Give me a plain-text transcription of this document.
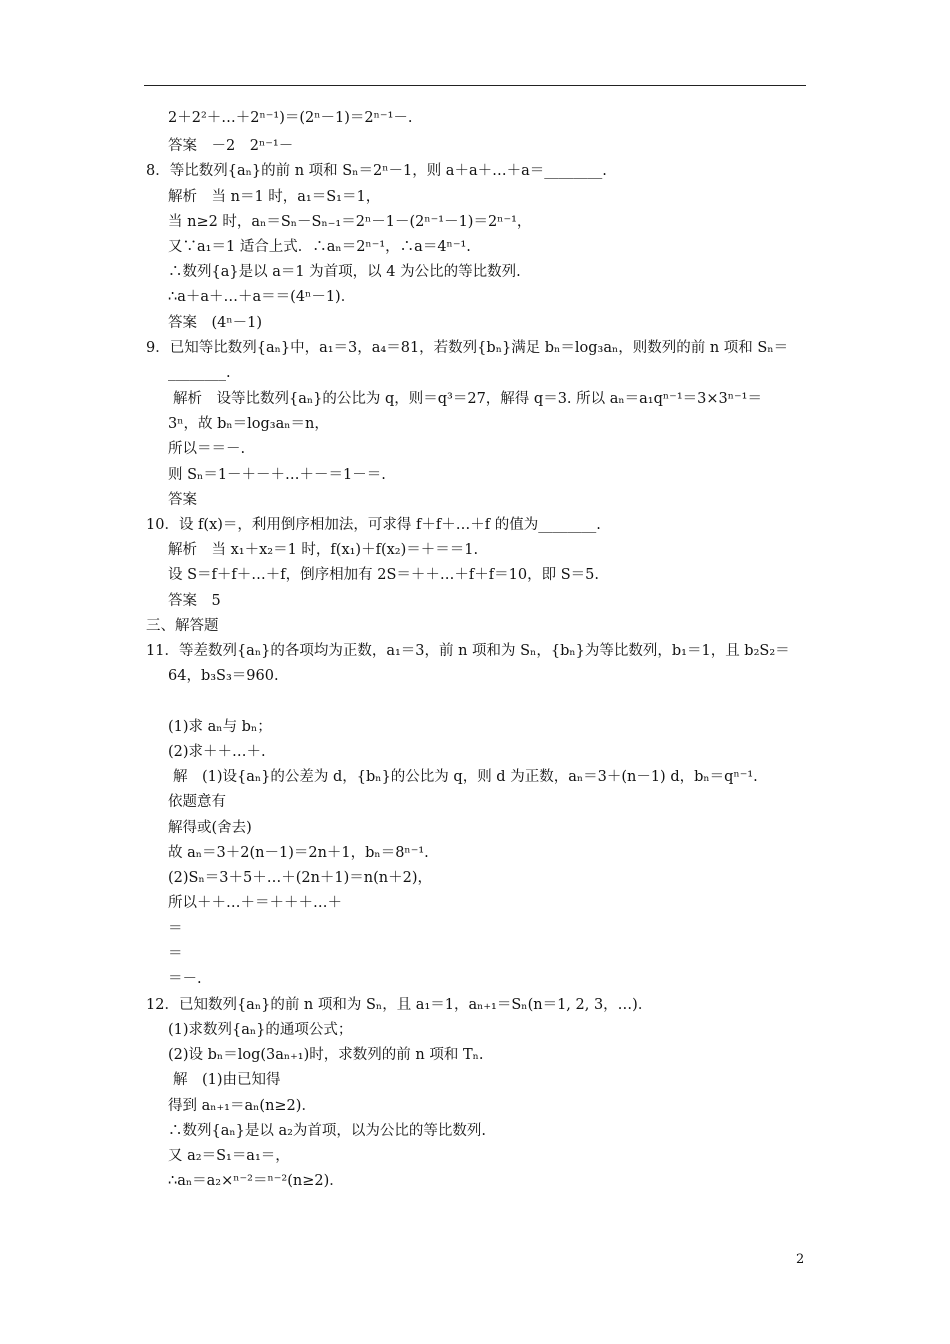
2＋2²＋…＋2ⁿ⁻¹)＝(2ⁿ－1)＝2ⁿ⁻¹－.
答案　－2　2ⁿ⁻¹－
8．等比数列{aₙ}的前 n 项和 Sₙ＝2ⁿ－1，则 a＋a＋…＋a＝________.
解析　当 n＝1 时，a₁＝S₁＝1，
当 n≥2 时，aₙ＝Sₙ－Sₙ₋₁＝2ⁿ－1－(2ⁿ⁻¹－1)＝2ⁿ⁻¹，
又∵a₁＝1 适合上式．∴aₙ＝2ⁿ⁻¹，∴a＝4ⁿ⁻¹.
∴数列{a}是以 a＝1 为首项，以 4 为公比的等比数列.
∴a＋a＋…＋a＝＝(4ⁿ－1)．
答案　(4ⁿ－1)
9．已知等比数列{aₙ}中，a₁＝3，a₄＝81，若数列{bₙ}满足 bₙ＝log₃aₙ，则数列的前 n 项和 Sₙ＝
________.
解析　设等比数列{aₙ}的公比为 q，则＝q³＝27，解得 q＝3. 所以 aₙ＝a₁qⁿ⁻¹＝3×3ⁿ⁻¹＝
3ⁿ，故 bₙ＝log₃aₙ＝n，
所以＝＝－.
则 Sₙ＝1－＋－＋…＋－＝1－＝.
答案
10．设 f(x)＝，利用倒序相加法，可求得 f＋f＋…＋f 的值为________.
解析　当 x₁＋x₂＝1 时，f(x₁)＋f(x₂)＝＋＝＝1.
设 S＝f＋f＋…＋f，倒序相加有 2S＝＋＋…＋f＋f＝10，即 S＝5.
答案　5
三、解答题
11．等差数列{aₙ}的各项均为正数，a₁＝3，前 n 项和为 Sₙ，{bₙ}为等比数列，b₁＝1，且 b₂S₂＝
64，b₃S₃＝960.
(1)求 aₙ与 bₙ；
(2)求＋＋…＋.
解　(1)设{aₙ}的公差为 d，{bₙ}的公比为 q，则 d 为正数，aₙ＝3＋(n－1) d，bₙ＝qⁿ⁻¹.
依题意有
解得或(舍去)
故 aₙ＝3＋2(n－1)＝2n＋1，bₙ＝8ⁿ⁻¹.
(2)Sₙ＝3＋5＋…＋(2n＋1)＝n(n＋2)，
所以＋＋…＋＝＋＋＋…＋
＝
＝
＝－.
12．已知数列{aₙ}的前 n 项和为 Sₙ，且 a₁＝1，aₙ₊₁＝Sₙ(n＝1, 2, 3，…)．
(1)求数列{aₙ}的通项公式；
(2)设 bₙ＝log(3aₙ₊₁)时，求数列的前 n 项和 Tₙ.
解　(1)由已知得
得到 aₙ₊₁＝aₙ(n≥2)．
∴数列{aₙ}是以 a₂为首项，以为公比的等比数列.
又 a₂＝S₁＝a₁＝，
∴aₙ＝a₂×ⁿ⁻²＝ⁿ⁻²(n≥2)．
2
